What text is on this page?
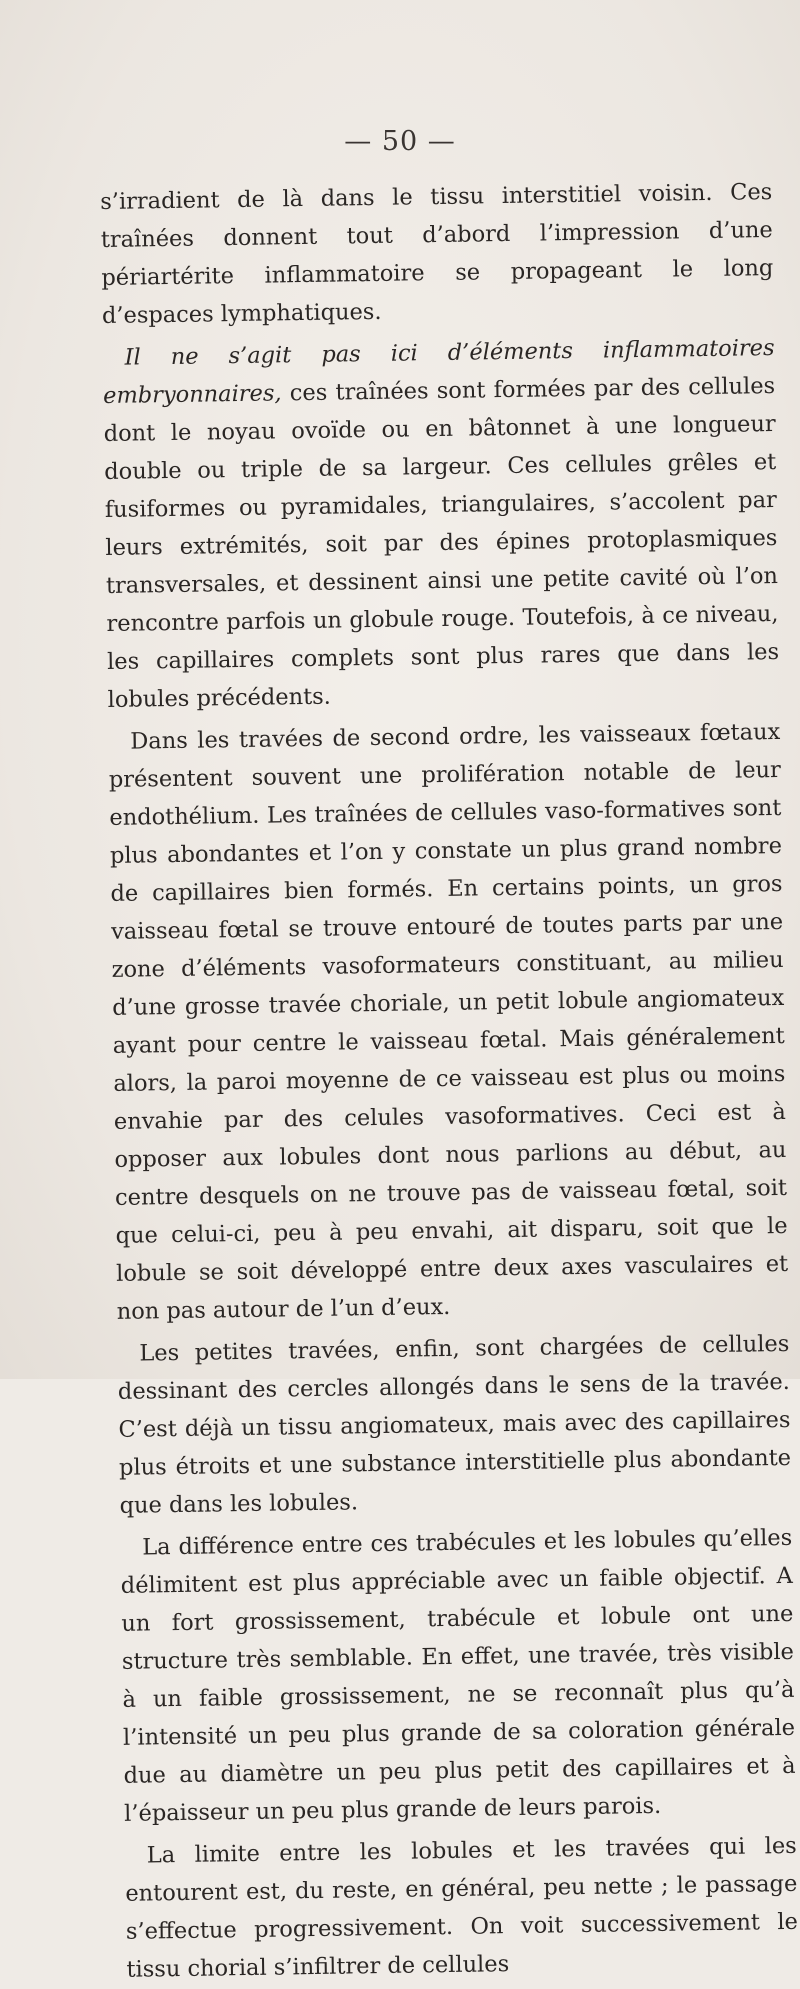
— 50 —

s’irradient de là dans le tissu interstitiel voisin. Ces traînées donnent tout d’abord l’impression d’une périartérite inflammatoire se propageant le long d’espaces lymphatiques.

Il ne s’agit pas ici d’éléments inflammatoires embryonnaires, ces traînées sont formées par des cellules dont le noyau ovoïde ou en bâtonnet à une longueur double ou triple de sa largeur. Ces cellules grêles et fusiformes ou pyramidales, triangulaires, s’accolent par leurs extrémités, soit par des épines protoplasmiques transversales, et dessinent ainsi une petite cavité où l’on rencontre parfois un globule rouge. Toutefois, à ce niveau, les capillaires complets sont plus rares que dans les lobules précédents.

Dans les travées de second ordre, les vaisseaux fœtaux présentent souvent une prolifération notable de leur endothélium. Les traînées de cellules vaso-formatives sont plus abondantes et l’on y constate un plus grand nombre de capillaires bien formés. En certains points, un gros vaisseau fœtal se trouve entouré de toutes parts par une zone d’éléments vasoformateurs constituant, au milieu d’une grosse travée choriale, un petit lobule angiomateux ayant pour centre le vaisseau fœtal. Mais généralement alors, la paroi moyenne de ce vaisseau est plus ou moins envahie par des celules vasoformatives. Ceci est à opposer aux lobules dont nous parlions au début, au centre desquels on ne trouve pas de vaisseau fœtal, soit que celui-ci, peu à peu envahi, ait disparu, soit que le lobule se soit développé entre deux axes vasculaires et non pas autour de l’un d’eux.

Les petites travées, enfin, sont chargées de cellules dessinant des cercles allongés dans le sens de la travée. C’est déjà un tissu angiomateux, mais avec des capillaires plus étroits et une substance interstitielle plus abondante que dans les lobules.

La différence entre ces trabécules et les lobules qu’elles délimitent est plus appréciable avec un faible objectif. A un fort grossissement, trabécule et lobule ont une structure très semblable. En effet, une travée, très visible à un faible grossissement, ne se reconnaît plus qu’à l’intensité un peu plus grande de sa coloration générale due au diamètre un peu plus petit des capillaires et à l’épaisseur un peu plus grande de leurs parois.

La limite entre les lobules et les travées qui les entourent est, du reste, en général, peu nette ; le passage s’effectue progressivement. On voit successivement le tissu chorial s’infiltrer de cellules
